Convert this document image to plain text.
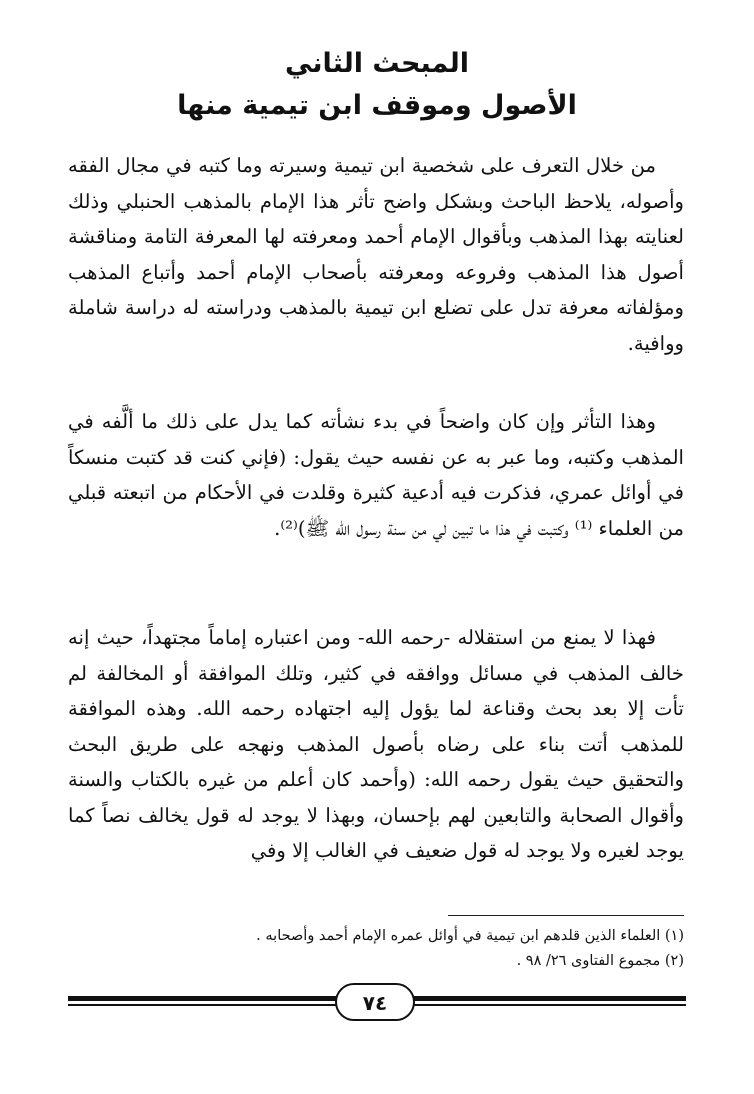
المبحث الثاني
الأصول وموقف ابن تيمية منها

من خلال التعرف على شخصية ابن تيمية وسيرته وما كتبه في مجال الفقه وأصوله، يلاحظ الباحث وبشكل واضح تأثر هذا الإمام بالمذهب الحنبلي وذلك لعنايته بهذا المذهب وبأقوال الإمام أحمد ومعرفته لها المعرفة التامة ومناقشة أصول هذا المذهب وفروعه ومعرفته بأصحاب الإمام أحمد وأتباع المذهب ومؤلفاته معرفة تدل على تضلع ابن تيمية بالمذهب ودراسته له دراسة شاملة ووافية.

وهذا التأثر وإن كان واضحاً في بدء نشأته كما يدل على ذلك ما ألَّفه في المذهب وكتبه، وما عبر به عن نفسه حيث يقول: (فإني كنت قد كتبت منسكاً في أوائل عمري، فذكرت فيه أدعية كثيرة وقلدت في الأحكام من اتبعته قبلي من العلماء ⁽¹⁾ وكتبت في هذا ما تبين لي من سنة رسول الله ﷺ)⁽²⁾.

فهذا لا يمنع من استقلاله -رحمه الله- ومن اعتباره إماماً مجتهداً، حيث إنه خالف المذهب في مسائل ووافقه في كثير، وتلك الموافقة أو المخالفة لم تأت إلا بعد بحث وقناعة لما يؤول إليه اجتهاده رحمه الله. وهذه الموافقة للمذهب أتت بناء على رضاه بأصول المذهب ونهجه على طريق البحث والتحقيق حيث يقول رحمه الله: (وأحمد كان أعلم من غيره بالكتاب والسنة وأقوال الصحابة والتابعين لهم بإحسان، وبهذا لا يوجد له قول يخالف نصاً كما يوجد لغيره ولا يوجد له قول ضعيف في الغالب إلا وفي

(١) العلماء الذين قلدهم ابن تيمية في أوائل عمره الإمام أحمد وأصحابه .
(٢) مجموع الفتاوى ٢٦/ ٩٨ .
٧٤
